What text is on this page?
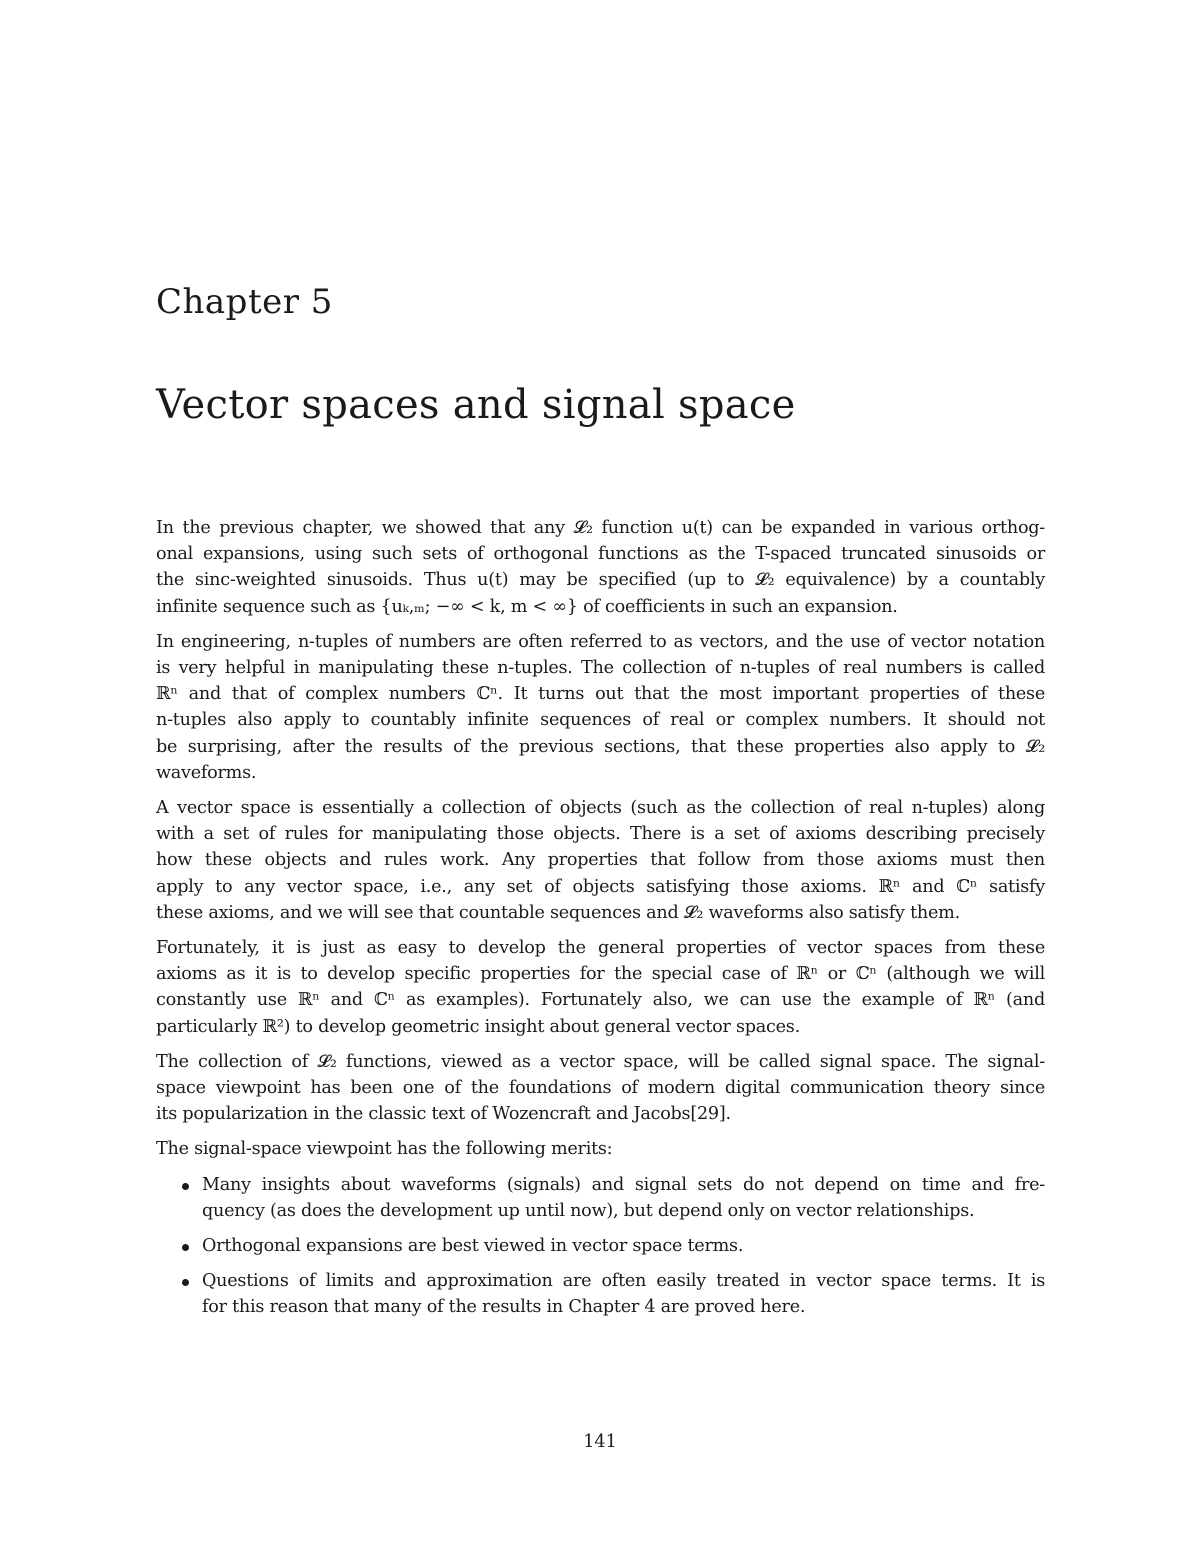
Chapter 5
Vector spaces and signal space

In the previous chapter, we showed that any 𝓛₂ function u(t) can be expanded in various orthog-
onal expansions, using such sets of orthogonal functions as the T-spaced truncated sinusoids or
the sinc-weighted sinusoids. Thus u(t) may be specified (up to 𝓛₂ equivalence) by a countably
infinite sequence such as {uₖ,ₘ; −∞ < k, m < ∞} of coefficients in such an expansion.

In engineering, n-tuples of numbers are often referred to as vectors, and the use of vector notation
is very helpful in manipulating these n-tuples. The collection of n-tuples of real numbers is called
ℝⁿ and that of complex numbers ℂⁿ. It turns out that the most important properties of these
n-tuples also apply to countably infinite sequences of real or complex numbers. It should not
be surprising, after the results of the previous sections, that these properties also apply to 𝓛₂
waveforms.

A vector space is essentially a collection of objects (such as the collection of real n-tuples) along
with a set of rules for manipulating those objects. There is a set of axioms describing precisely
how these objects and rules work. Any properties that follow from those axioms must then
apply to any vector space, i.e., any set of objects satisfying those axioms. ℝⁿ and ℂⁿ satisfy
these axioms, and we will see that countable sequences and 𝓛₂ waveforms also satisfy them.

Fortunately, it is just as easy to develop the general properties of vector spaces from these
axioms as it is to develop specific properties for the special case of ℝⁿ or ℂⁿ (although we will
constantly use ℝⁿ and ℂⁿ as examples). Fortunately also, we can use the example of ℝⁿ (and
particularly ℝ²) to develop geometric insight about general vector spaces.

The collection of 𝓛₂ functions, viewed as a vector space, will be called signal space. The signal-
space viewpoint has been one of the foundations of modern digital communication theory since
its popularization in the classic text of Wozencraft and Jacobs[29].

The signal-space viewpoint has the following merits:

Many insights about waveforms (signals) and signal sets do not depend on time and fre-
quency (as does the development up until now), but depend only on vector relationships.
Orthogonal expansions are best viewed in vector space terms.
Questions of limits and approximation are often easily treated in vector space terms. It is
for this reason that many of the results in Chapter 4 are proved here.
141
